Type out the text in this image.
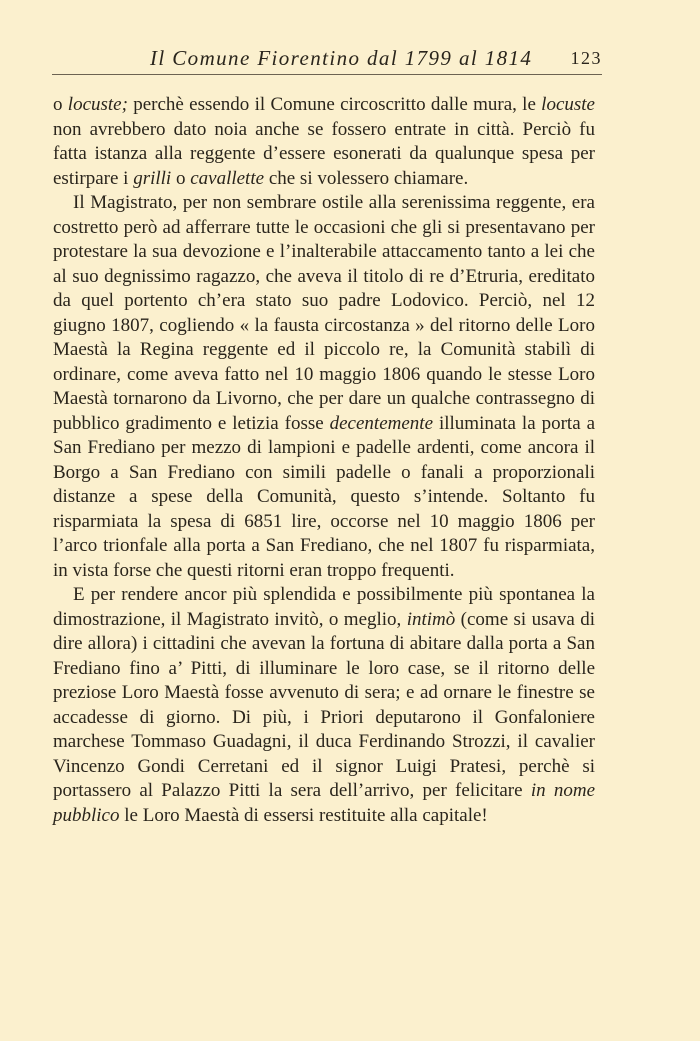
Il Comune Fiorentino dal 1799 al 1814 123

o locuste; perchè essendo il Comune circoscritto dalle mura, le locuste non avrebbero dato noia anche se fossero entrate in città. Perciò fu fatta istanza alla reggente d’essere esonerati da qualunque spesa per estirpare i grilli o cavallette che si volessero chiamare.

Il Magistrato, per non sembrare ostile alla serenissima reggente, era costretto però ad afferrare tutte le occasioni che gli si presentavano per protestare la sua devozione e l’inalterabile attaccamento tanto a lei che al suo degnissimo ragazzo, che aveva il titolo di re d’Etruria, ereditato da quel portento ch’era stato suo padre Lodovico. Perciò, nel 12 giugno 1807, cogliendo « la fausta circostanza » del ritorno delle Loro Maestà la Regina reggente ed il piccolo re, la Comunità stabilì di ordinare, come aveva fatto nel 10 maggio 1806 quando le stesse Loro Maestà tornarono da Livorno, che per dare un qualche contrassegno di pubblico gradimento e letizia fosse decentemente illuminata la porta a San Frediano per mezzo di lampioni e padelle ardenti, come ancora il Borgo a San Frediano con simili padelle o fanali a proporzionali distanze a spese della Comunità, questo s’intende. Soltanto fu risparmiata la spesa di 6851 lire, occorse nel 10 maggio 1806 per l’arco trionfale alla porta a San Frediano, che nel 1807 fu risparmiata, in vista forse che questi ritorni eran troppo frequenti.

E per rendere ancor più splendida e possibilmente più spontanea la dimostrazione, il Magistrato invitò, o meglio, intimò (come si usava di dire allora) i cittadini che avevan la fortuna di abitare dalla porta a San Frediano fino a’ Pitti, di illuminare le loro case, se il ritorno delle preziose Loro Maestà fosse avvenuto di sera; e ad ornare le finestre se accadesse di giorno. Di più, i Priori deputarono il Gonfaloniere marchese Tommaso Guadagni, il duca Ferdinando Strozzi, il cavalier Vincenzo Gondi Cerretani ed il signor Luigi Pratesi, perchè si portassero al Palazzo Pitti la sera dell’arrivo, per felicitare in nome pubblico le Loro Maestà di essersi restituite alla capitale!
